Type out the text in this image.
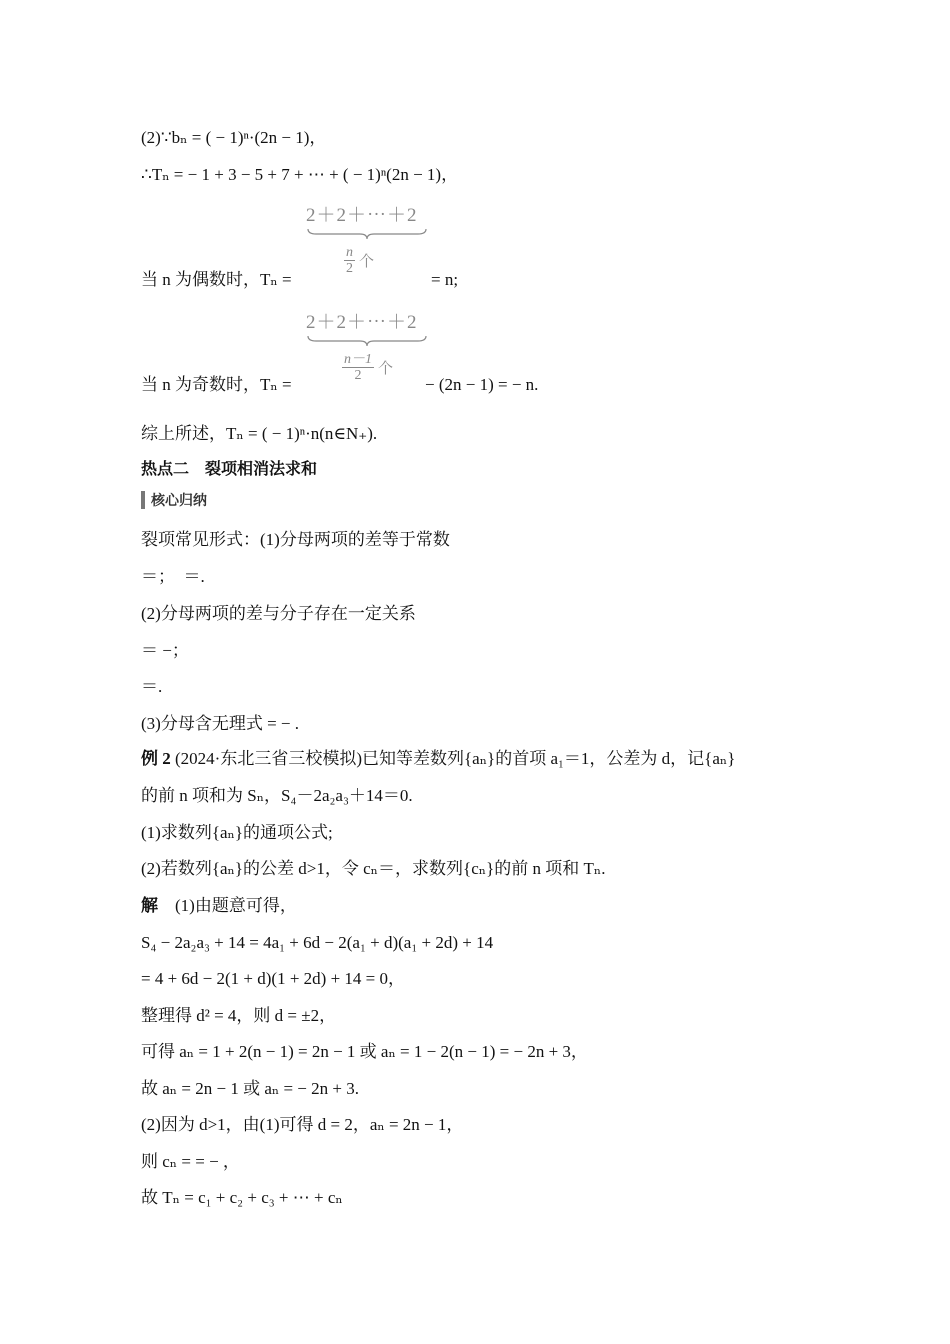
(2)∵bₙ = ( − 1)ⁿ·(2n − 1)，
∴Tₙ = − 1 + 3 − 5 + 7 + ⋯ + ( − 1)ⁿ(2n − 1)，
2＋2＋⋯＋2
$\frac{n}{2}$ 个
当 n 为偶数时，Tₙ =	= n;
2＋2＋⋯＋2
$\frac{n-1}{2}$ 个
当 n 为奇数时，Tₙ =	− (2n − 1) = − n.
综上所述，Tₙ = ( − 1)ⁿ·n(n∈N₊).
热点二　裂项相消法求和
核心归纳
裂项常见形式：(1)分母两项的差等于常数
＝；　＝.
(2)分母两项的差与分子存在一定关系
＝ −；
＝.
(3)分母含无理式 = − .
例 2 (2024·东北三省三校模拟)已知等差数列{aₙ}的首项 a₁＝1，公差为 d，记{aₙ}
的前 n 项和为 Sₙ，S₄－2a₂a₃＋14＝0.
(1)求数列{aₙ}的通项公式;
(2)若数列{aₙ}的公差 d>1，令 cₙ＝，求数列{cₙ}的前 n 项和 Tₙ.
解　(1)由题意可得，
S₄ − 2a₂a₃ + 14 = 4a₁ + 6d − 2(a₁ + d)(a₁ + 2d) + 14
= 4 + 6d − 2(1 + d)(1 + 2d) + 14 = 0，
整理得 d² = 4，则 d = ±2，
可得 aₙ = 1 + 2(n − 1) = 2n − 1 或 aₙ = 1 − 2(n − 1) = − 2n + 3，
故 aₙ = 2n − 1 或 aₙ = − 2n + 3.
(2)因为 d>1，由(1)可得 d = 2，aₙ = 2n − 1，
则 cₙ = = − ，
故 Tₙ = c₁ + c₂ + c₃ + ⋯ + cₙ
